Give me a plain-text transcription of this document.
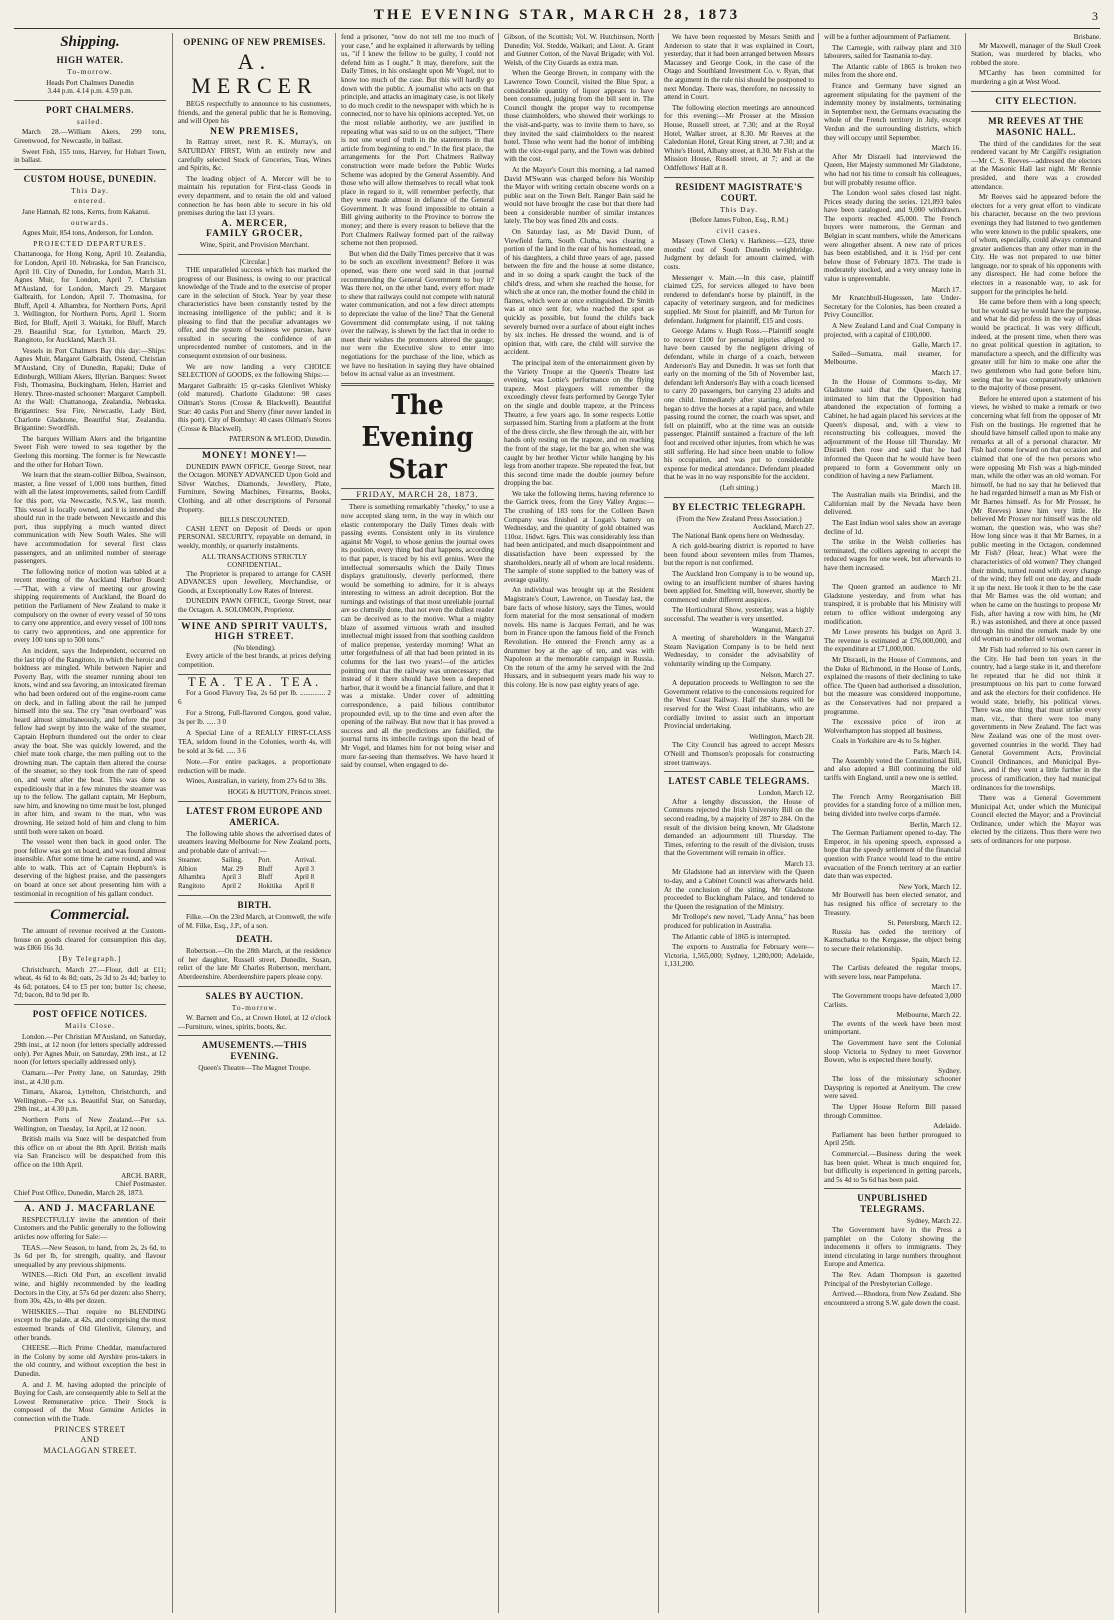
THE EVENING STAR, MARCH 28, 1873	3
Shipping.
HIGH WATER.
To-morrow.
Heads Port Chalmers Dunedin
3.44 p.m. 4.14 p.m. 4.59 p.m.
PORT CHALMERS.
sailed.

March 28.—William Akers, 299 tons, Greenwood, for Newcastle, in ballast.

Sweet Fish, 155 tons, Harvey, for Hobart Town, in ballast.

CUSTOM HOUSE, DUNEDIN.
This Day.
entered.

Jane Hannah, 82 tons, Kerns, from Kakanui.

outwards.

Agnes Muir, 854 tons, Anderson, for London.

PROJECTED DEPARTURES.

Chattanooga, for Hong Kong, April 10. Zealandia, for London, April 10. Nebraska, for San Francisco, April 10. City of Dunedin, for London, March 31. Agnes Muir, for London, April 7. Christian M'Ausland, for London, March 29. Margaret Galbraith, for London, April 7. Thomasina, for Bluff, April 4. Alhambra, for Northern Ports, April 3. Wellington, for Northern Ports, April 1. Storm Bird, for Bluff, April 3. Waitaki, for Bluff, March 29. Beautiful Star, for Lyttelton, March 29. Rangitoto, for Auckland, March 31.

Vessels in Port Chalmers Bay this day:—Ships: Agnes Muir, Margaret Galbraith, Ostend, Christian M'Ausland, City of Dunedin, Rapaki; Duke of Edinburgh, William Akers, Illyrian. Barques: Sweet Fish, Thomasina, Buckingham, Helen, Harriet and Henry. Three-masted schooner: Margaret Campbell. At the Wall: Chattanooga, Zealandia, Nebraska. Brigantines: Sea Fire, Newcastle, Lady Bird, Charlotte Gladstone, Beautiful Star, Zealandia. Brigantine: Swordfish.

The barques William Akers and the brigantine Sweet Fish were towed to sea together by the Geelong this morning. The former is for Newcastle and the other for Hobart Town.

We learn that the steam-collier Bilboa, Swainson, master, a fine vessel of 1,000 tons burthen, fitted with all the latest improvements, sailed from Cardiff for this port, via Newcastle, N.S.W., last month. This vessel is locally owned, and it is intended she should run in the trade between Newcastle and this port, thus supplying a much wanted direct communication with New South Wales. She will have accommodation for several first class passengers, and an unlimited number of steerage passengers.

The following notice of motion was tabled at a recent meeting of the Auckland Harbor Board:—"That, with a view of meeting our growing shipping requirements of Auckland, the Board do petition the Parliament of New Zealand to make it compulsory on the owner of every vessel of 50 tons to carry one apprentice, and every vessel of 100 tons to carry two apprentices, and one apprentice for every 100 tons up to 500 tons."

An incident, says the Independent, occurred on the last trip of the Rangitoto, in which the heroic and boldness are mingled. While between Napier and Poverty Bay, with the steamer running about ten knots, wind and sea favoring, an intoxicated fireman who had been ordered out of the engine-room came on deck, and in falling about the rail he jumped himself into the sea. The cry "man overboard" was heard almost simultaneously, and before the poor fellow had swept by into the wake of the steamer, Captain Hepburn thundered out the order to clear away the boat. She was quickly lowered, and the chief mate took charge, the men pulling out to the drowning man. The captain then altered the course of the steamer, so they took from the rate of speed on, and went after the boat. This was done so expeditiously that in a few minutes the steamer was up to the fellow. The gallant captain, Mr Hepburn, saw him, and knowing no time must be lost, plunged in after him, and swam to the man, who was drowning. He seized hold of him and clung to him until both were taken on board.

The vessel went then back in good order. The poor fellow was got on board, and was found almost insensible. After some time he came round, and was able to walk. This act of Captain Hepburn's is deserving of the highest praise, and the passengers on board at once set about presenting him with a testimonial in recognition of his gallant conduct.

Commercial.

The amount of revenue received at the Custom-house on goods cleared for consumption this day, was £866 16s 3d.

[By Telegraph.]

Christchurch, March 27.—Flour, dull at £11; wheat, 4s 6d to 4s 8d; oats, 2s 3d to 2s 4d; barley to 4s 6d; potatoes, £4 to £5 per ton; butter 1s; cheese, 7d; bacon, 8d to 9d per lb.

POST OFFICE NOTICES.
Mails Close.

London.—Per Christian M'Ausland, on Saturday, 29th inst., at 12 noon (for letters specially addressed only). Per Agnes Muir, on Saturday, 29th inst., at 12 noon (for letters specially addressed only).

Oamaru.—Per Pretty Jane, on Saturday, 29th inst., at 4.30 p.m.

Timaru, Akaroa, Lyttelton, Christchurch, and Wellington.—Per s.s. Beautiful Star, on Saturday, 29th inst., at 4.30 p.m.

Northern Ports of New Zealand.—Per s.s. Wellington, on Tuesday, 1st April, at 12 noon.

British mails via Suez will be despatched from this office on or about the 8th April. British mails via San Francisco will be despatched from this office on the 10th April.

ARCH. BARR,
Chief Postmaster.
Chief Post Office, Dunedin, March 28, 1873.
A. AND J. MACFARLANE

RESPECTFULLY invite the attention of their Customers and the Public generally to the following articles now offering for Sale:—

TEAS.—New Season, to hand, from 2s, 2s 6d, to 3s 6d per lb, for strength, quality, and flavour unequalled by any previous shipments.

WINES.—Rich Old Port, an excellent invalid wine, and highly recommended by the leading Doctors in the City, at 57s 6d per dozen: also Sherry, from 30s, 42s, to 48s per dozen.

WHISKIES.—That require no BLENDING except to the palate, at 42s, and comprising the most esteemed brands of Old Glenlivit, Glenury, and other brands.

CHEESE.—Rich Prime Cheddar, manufactured in the Colony by some old Ayrshire pros-takers in the old country, and without exception the best in Dunedin.

A. and J. M. having adopted the principle of Buying for Cash, are consequently able to Sell at the Lowest Remunerative price. Their Stock is composed of the Most Genuine Articles in connection with the Trade.

PRINCES STREET
AND
MACLAGGAN STREET.
OPENING OF NEW PREMISES.
A. MERCER

BEGS respectfully to announce to his customers, friends, and the general public that he is Removing, and will Open his

NEW PREMISES,

In Rattray street, next R. K. Murray's, on SATURDAY FIRST, With an entirely new and carefully selected Stock of Groceries, Teas, Wines and Spirits, &c.

The leading object of A. Mercer will be to maintain his reputation for First-class Goods in every department, and to retain the old and valued connection he has been able to secure in his old premises during the last 13 years.

A. MERCER,
FAMILY GROCER,
Wine, Spirit, and Provision Merchant.
[Circular.]

THE unparalleled success which has marked the progress of our Business, is owing to our practical knowledge of the Trade and to the exercise of proper care in the selection of Stock. Year by year these characteristics have been constantly tested by the increasing intelligence of the public; and it is pleasing to find that the peculiar advantages we offer, and the system of business we pursue, have resulted in securing the confidence of an unprecedented number of customers, and in the consequent extension of our business.

We are now landing a very CHOICE SELECTION of GOODS, ex the following Ships:—

Margaret Galbraith: 15 qr-casks Glenlivet Whisky (old matured). Charlotte Gladstone: 98 cases Oilman's Stores (Crosse & Blackwell). Beautiful Star: 40 casks Port and Sherry (finer never landed in this port). City of Bombay: 40 cases Oilman's Stores (Crosse & Blackwell).

PATERSON & M'LEOD, Dunedin.
MONEY! MONEY!—

DUNEDIN PAWN OFFICE, George Street, near the Octagon. MONEY ADVANCED Upon Gold and Silver Watches, Diamonds, Jewellery, Plate, Furniture, Sewing Machines, Firearms, Books, Clothing, and all other descriptions of Personal Property.

BILLS DISCOUNTED.

CASH LENT on Deposit of Deeds or upon PERSONAL SECURITY, repayable on demand, in weekly, monthly, or quarterly instalments.

ALL TRANSACTIONS STRICTLY CONFIDENTIAL.

The Proprietor is prepared to arrange for CASH ADVANCES upon Jewellery, Merchandise, or Goods, at Exceptionally Low Rates of Interest.

DUNEDIN PAWN OFFICE, George Street, near the Octagon. A. SOLOMON, Proprietor.

WINE AND SPIRIT VAULTS,
HIGH STREET.
(No blending).

Every article of the best brands, at prices defying competition.

TEA. TEA. TEA.

For a Good Flavory Tea, 2s 6d per lb. .............. 2 6

For a Strong, Full-flavored Congou, good value, 3s per lb. ..... 3 0

A Special Line of a REALLY FIRST-CLASS TEA, seldom found in the Colonies, worth 4s, will be sold at 3s 6d. ..... 3 6

Note.—For entire packages, a proportionate reduction will be made.

Wines, Australian, in variety, from 27s 6d to 38s.

HOGG & HUTTON, Princes street.
LATEST FROM EUROPE AND AMERICA.

The following table shows the advertised dates of steamers leaving Melbourne for New Zealand ports, and probable date of arrival:—

Steamer.	Sailing.	Port.	Arrival.
Albion	Mar. 29	Bluff	April 3
Alhambra	April 3	Bluff	April 8
Rangitoto	April 2	Hokitika	April 8
BIRTH.

Filke.—On the 23rd March, at Cromwell, the wife of M. Filke, Esq., J.P., of a son.

DEATH.

Robertson.—On the 28th March, at the residence of her daughter, Russell street, Dunedin, Susan, relict of the late Mr Charles Robertson, merchant, Aberdeenshire. Aberdeenshire papers please copy.

SALES BY AUCTION.
To-morrow.

W. Barnett and Co., at Crown Hotel, at 12 o'clock—Furniture, wines, spirits, boots, &c.

AMUSEMENTS.—THIS EVENING.
Queen's Theatre—The Magnet Troupe.

fend a prisoner, "now do not tell me too much of your case," and he explained it afterwards by telling us, "if I knew the fellow to be guilty, I could not defend him as I ought." It may, therefore, suit the Daily Times, in his onslaught upon Mr Vogel, not to know too much of the case. But this will hardly go down with the public. A journalist who acts on that principle, and attacks an imaginary case, is not likely to do much credit to the newspaper with which he is connected, nor to have his opinions accepted. Yet, on the most reliable authority, we are justified in repeating what was said to us on the subject, "There is not one word of truth in the statements in that article from beginning to end." In the first place, the arrangements for the Port Chalmers Railway construction were made before the Public Works Scheme was adopted by the General Assembly. And those who will allow themselves to recall what took place in regard to it, will remember perfectly, that they were made almost in defiance of the General Government. It was found impossible to obtain a Bill giving authority to the Province to borrow the money; and there is every reason to believe that the Port Chalmers Railway formed part of the railway scheme not then proposed.

But when did the Daily Times perceive that it was to be such an excellent investment? Before it was opened, was there one word said in that journal recommending the General Government to buy it? Was there not, on the other hand, every effort made to shew that railways could not compete with natural water communication, and not a few direct attempts to depreciate the value of the line? That the General Government did contemplate using, if not taking over the railway, is shewn by the fact that in order to meet their wishes the promoters altered the gauge; nor were the Executive slow to enter into negotiations for the purchase of the line, which as we have no hesitation in saying they have obtained below its actual value as an investment.

The Evening Star
FRIDAY, MARCH 28, 1873.

There is something remarkably "cheeky," to use a now accepted slang term, in the way in which our elastic contemporary the Daily Times deals with passing events. Consistent only in its virulence against Mr Vogel, to whose genius the journal owes its position, every thing bad that happens, according to that paper, is traced by his evil genius. Were the intellectual somersaults which the Daily Times displays gratuitously, cleverly performed, there would be something to admire, for it is always interesting to witness an adroit deception. But the turnings and twistings of that most unreliable journal are so clumsily done, that not even the dullest reader can be deceived as to the motive. What a mighty blaze of assumed virtuous wrath and insulted intellectual might issued from that soothing cauldron of malice prepense, yesterday morning! What an utter forgetfulness of all that had been printed in its columns for the last two years!—of the articles pointing out that the railway was unnecessary; that instead of it there should have been a deepened harbor, that it would be a financial failure, and that it was a mistake. Under cover of admitting correspondence, a paid bilious contributor propounded evil, up to the time and even after the opening of the railway. But now that it has proved a success and all the predictions are falsified, the journal turns its imbecile ravings upon the head of Mr Vogel, and blames him for not being wiser and more far-seeing than themselves. We have heard it said by counsel, when engaged to de-

Gibson, of the Scottish; Vol. W. Hutchinson, North Dunedin; Vol. Stedde, Waikari; and Lieut. A. Grant and Gunner Cotton, of the Naval Brigade; with Vol. Welsh, of the City Guards as extra man.

When the George Brown, in company with the Lawrence Town Council, visited the Blue Spur, a considerable quantity of liquor appears to have been consumed, judging from the bill sent in. The Council thought the proper way to recompense those claimholders, who showed their workings to the visit-and-party, was to invite them to have, so they invited the said claimholders to the nearest hotel. Those who went had the honor of imbibing with the vice-regal party, and the Town was debited with the cost.

At the Mayor's Court this morning, a lad named David M'Swann was charged before his Worship the Mayor with writing certain obscene words on a public seat on the Town Belt. Ranger Bain said he would not have brought the case but that there had been a considerable number of similar instances lately. The boy was fined 20s and costs.

On Saturday last, as Mr David Dunn, of Viewfield farm, South Clutha, was clearing a portion of the land in the rear of his homestead, one of his daughters, a child three years of age, passed between the fire and the house at some distance, and in so doing a spark caught the back of the child's dress, and when she reached the house, for which she at once ran, the mother found the child in flames, which were at once extinguished. Dr Smith was at once sent for, who reached the spot as quickly as possible, but found the child's back severely burned over a surface of about eight inches by six inches. He dressed the wound, and is of opinion that, with care, the child will survive the accident.

The principal item of the entertainment given by the Variety Troupe at the Queen's Theatre last evening, was Lottie's performance on the flying trapeze. Most playgoers will remember the exceedingly clever feats performed by George Tyler on the single and double trapeze, at the Princess Theatre, a few years ago. In some respects Lottie surpassed him. Starting from a platform at the front of the dress circle, she flew through the air, with her hands only resting on the trapeze, and on reaching the front of the stage, let the bar go, when she was caught by her brother Victor while hanging by his legs from another trapeze. She repeated the feat, but this second time made the double journey before dropping the bar.

We take the following items, having reference to the Garrick trees, from the Grey Valley Argus:—The crushing of 183 tons for the Colleen Bawn Company was finished at Logan's battery on Wednesday, and the quantity of gold obtained was 110oz. 16dwt. 6grs. This was considerably less than had been anticipated, and much disappointment and dissatisfaction have been expressed by the shareholders, nearly all of whom are local residents. The sample of stone supplied to the battery was of average quality.

An individual was brought up at the Resident Magistrate's Court, Lawrence, on Tuesday last, the bare facts of whose history, says the Times, would form material for the most sensational of modern novels. His name is Jacques Ferrari, and he was born in France upon the famous field of the French Revolution. He entered the French army as a drummer boy at the age of ten, and was with Napoleon at the memorable campaign in Russia. On the return of the army he served with the 2nd Hussars, and in subsequent years made his way to this colony. He is now past eighty years of age.

We have been requested by Messrs Smith and Anderson to state that it was explained in Court, yesterday, that it had been arranged between Messrs Macassey and George Cook, in the case of the Otago and Southland Investment Co. v. Ryan, that the argument in the rule nisi should be postponed to next Monday. There was, therefore, no necessity to attend in Court.

The following election meetings are announced for this evening:—Mr Prosser at the Mission House, Russell street, at 7.30; and at the Royal Hotel, Walker street, at 8.30. Mr Reeves at the Caledonian Hotel, Great King street, at 7.30; and at White's Hotel, Albany street, at 8.30. Mr Fish at the Mission House, Russell street, at 7; and at the Oddfellows' Hall at 8.

RESIDENT MAGISTRATE'S COURT.
This Day.
(Before James Fulton, Esq., R.M.)
civil cases.

Massey (Town Clerk) v. Harkness.—£23, three months' cost of South Dunedin weighbridge. Judgment by default for amount claimed, with costs.

Messenger v. Main.—In this case, plaintiff claimed £25, for services alleged to have been rendered to defendant's horse by plaintiff, in the capacity of veterinary surgeon, and for medicines supplied. Mr Stout for plaintiff, and Mr Turton for defendant. Judgment for plaintiff, £15 and costs.

George Adams v. Hugh Ross.—Plaintiff sought to recover £100 for personal injuries alleged to have been caused by the negligent driving of defendant, while in charge of a coach, between Anderson's Bay and Dunedin. It was set forth that early on the morning of the 5th of November last, defendant left Anderson's Bay with a coach licensed to carry 20 passengers, but carrying 23 adults and one child. Immediately after starting, defendant began to drive the horses at a rapid pace, and while passing round the corner, the coach was upset, and fell on plaintiff, who at the time was an outside passenger. Plaintiff sustained a fracture of the left foot and received other injuries, from which he was still suffering. He had since been unable to follow his occupation, and was put to considerable expense for medical attendance. Defendant pleaded that he was in no way responsible for the accident.

(Left sitting.)
BY ELECTRIC TELEGRAPH.
(From the New Zealand Press Association.)
Auckland, March 27.

The National Bank opens here on Wednesday.

A rich gold-bearing district is reported to have been found about seventeen miles from Thames, but the report is not confirmed.

The Auckland Iron Company is to be wound up, owing to an insufficient number of shares having been applied for. Smelting will, however, shortly be commenced under different auspices.

The Horticultural Show, yesterday, was a highly successful. The weather is very unsettled.

Wanganui, March 27.

A meeting of shareholders in the Wanganui Steam Navigation Company is to be held next Wednesday, to consider the advisability of voluntarily winding up the Company.

Nelson, March 27.

A deputation proceeds to Wellington to see the Government relative to the concessions required for the West Coast Railway. Half the shares will be reserved for the West Coast inhabitants, who are cordially invited to assist such an important Provincial undertaking.

Wellington, March 28.

The City Council has agreed to accept Messrs O'Neill and Thomson's proposals for constructing street tramways.

LATEST CABLE TELEGRAMS.
London, March 12.

After a lengthy discussion, the House of Commons rejected the Irish University Bill on the second reading, by a majority of 287 to 284. On the result of the division being known, Mr Gladstone demanded an adjournment till Thursday. The Times, referring to the result of the division, trusts that the Government will remain in office.

March 13.

Mr Gladstone had an interview with the Queen to-day, and a Cabinet Council was afterwards held. At the conclusion of the sitting, Mr Gladstone proceeded to Buckingham Palace, and tendered to the Queen the resignation of the Ministry.

Mr Trollope's new novel, "Lady Anna," has been produced for publication in Australia.

The Atlantic cable of 1865 is interrupted.

The exports to Australia for February were—Victoria, 1,565,000; Sydney, 1,280,000; Adelaide, 1,131,200.

will be a further adjournment of Parliament.

The Carnegie, with railway plant and 310 labourers, sailed for Tasmania to-day.

The Atlantic cable of 1865 is broken two miles from the shore end.

France and Germany have signed an agreement stipulating for the payment of the indemnity money by instalments, terminating in September next, the Germans evacuating the whole of the French territory in July, except Verdun and the surrounding districts, which they will occupy until September.

March 16.

After Mr Disraeli had interviewed the Queen, Her Majesty summoned Mr Gladstone, who had not his time to consult his colleagues, but will probably resume office.

The London wool sales closed last night. Prices steady during the series. 121,893 bales have been catalogued, and 9,000 withdrawn. The exports reached 45,000. The French buyers were numerous, the German and Belgian in scant numbers, while the Americans were altogether absent. A new rate of prices has been established, and it is 1½d per cent below those of February 1873. The trade is moderately stocked, and a very uneasy tone in value is unpreventable.

March 17.

Mr Knatchbull-Hugessen, late Under-Secretary for the Colonies, has been created a Privy Councillor.

A New Zealand Land and Coal Company is projected, with a capital of £100,000.

Galle, March 17.

Sailed—Sumatra, mail steamer, for Melbourne.

March 17.

In the House of Commons to-day, Mr Gladstone said that the Queen, having intimated to him that the Opposition had abandoned the expectation of forming a Cabinet, he had again placed his services at the Queen's disposal, and, with a view to reconstructing his colleagues, moved the adjournment of the House till Thursday. Mr Disraeli then rose and said that he had informed the Queen that he would have been prepared to form a Government only on condition of having a new Parliament.

March 18.

The Australian mails via Brindisi, and the Californian mail by the Nevada have been delivered.

The East Indian wool sales show an average decline of 1d.

The strike in the Welsh collieries has terminated, the colliers agreeing to accept the reduced wages for one week, but afterwards to have them increased.

March 21.

The Queen granted an audience to Mr Gladstone yesterday, and from what has transpired, it is probable that his Ministry will return to office without undergoing any modification.

Mr Lowe presents his budget on April 3. The revenue is estimated at £76,000,000, and the expenditure at £71,000,000.

Mr Disraeli, in the House of Commons, and the Duke of Richmond, in the House of Lords, explained the reasons of their declining to take office. The Queen had authorised a dissolution, but the measure was considered inopportune, as the Conservatives had not prepared a programme.

The excessive price of iron at Wolverhampton has stopped all business.

Coals in Yorkshire are 4s to 5s higher.

Paris, March 14.

The Assembly voted the Constitutional Bill, and also adopted a Bill continuing the old tariffs with England, until a new one is settled.

March 18.

The French Army Reorganisation Bill provides for a standing force of a million men, being divided into twelve corps d'armée.

Berlin, March 12.

The German Parliament opened to-day. The Emperor, in his opening speech, expressed a hope that the speedy settlement of the financial question with France would lead to the entire evacuation of the French territory at an earlier date than was expected.

New York, March 12.

Mr Boutwell has been elected senator, and has resigned his office of secretary to the Treasury.

St. Petersburg, March 12.

Russia has ceded the territory of Kamschatka to the Kergasse, the object being to secure their relationship.

Spain, March 12.

The Carlists defeated the regular troops, with severe loss, near Pampeluna.

March 17.

The Government troops have defeated 3,000 Carlists.

Melbourne, March 22.

The events of the week have been most unimportant.

The Government have sent the Colonial sloop Victoria to Sydney to meet Governor Bowen, who is expected there hourly.

Sydney.

The loss of the missionary schooner Dayspring is reported at Aneityum. The crew were saved.

The Upper House Reform Bill passed through Committee.

Adelaide.

Parliament has been further prorogued to April 25th.

Commercial.—Business during the week has been quiet. Wheat is much enquired for, but difficulty is experienced in getting parcels, and 5s 4d to 5s 6d has been paid.

UNPUBLISHED TELEGRAMS.
Sydney, March 22.

The Government have in the Press a pamphlet on the Colony showing the inducements it offers to immigrants. They intend circulating in large numbers throughout Europe and America.

The Rev. Adam Thompson is gazetted Principal of the Presbyterian College.

Arrived.—Rhodora, from New Zealand. She encountered a strong S.W. gale down the coast.

Brisbane.

Mr Maxwell, manager of the Skull Creek Station, was murdered by blacks, who robbed the store.

M'Carthy has been committed for murdering a gin at West Wood.

CITY ELECTION.
MR REEVES AT THE MASONIC HALL.

The third of the candidates for the seat rendered vacant by Mr Cargill's resignation —Mr C. S. Reeves—addressed the electors at the Masonic Hall last night. Mr Rennie presided, and there was a crowded attendance.

Mr Reeves said he appeared before the electors for a very great effort to vindicate his character, because on the two previous evenings they had listened to two gentlemen who were known to the public speakers, one of whom, especially, could always command greater audiences than any other man in the City. He was not prepared to use bitter language, nor to speak of his opponents with any disrespect. He had come before the electors in a reasonable way, to ask for support for the principles he held.

He came before them with a long speech; but he would say he would have the purpose, and what he did profess in the way of ideas would be practical. It was very difficult, indeed, at the present time, when there was no great political question in agitation, to manufacture a speech, and the difficulty was greater still for him to make one after the two gentlemen who had gone before him, seeing that he was comparatively unknown to the majority of those present.

Before he entered upon a statement of his views, he wished to make a remark or two concerning what fell from the opposer of Mr Fish on the hustings. He regretted that he should have himself called upon to make any remarks at all of a personal character. Mr Fish had come forward on that occasion and claimed that one of the two persons who were opposing Mr Fish was a high-minded man, while the other was an old woman. For himself, he had no say that he believed that he had regarded himself a man as Mr Fish or Mr Barnes himself. As for Mr Prosser, he (Mr Reeves) knew him very little. He believed Mr Prosser nor himself was the old woman, the question was, who was she? How long since was it that Mr Barnes, in a public meeting in the Octagon, condemned Mr Fish? (Hear, hear.) What were the characteristics of old women? They changed their minds, turned round with every change of the wind; they fell out one day, and made it up the next. He took it then to be the case that Mr Barnes was the old woman; and when he came on the hustings to propose Mr Fish, after having a row with him, he (Mr R.) was astonished, and there at once passed through his mind the remark made by one old woman to another old woman.

Mr Fish had referred to his own career in the City. He had been ten years in the country, had a large stake in it, and therefore he repeated that he did not think it presumptuous on his part to come forward and ask the electors for their confidence. He would state, briefly, his political views. There was one thing that must strike every man, viz., that there were too many governments in New Zealand. The fact was New Zealand was one of the most over-governed countries in the world. They had General Government Acts, Provincial Council Ordinances, and Municipal Bye-laws, and if they went a little further in the process of ramification, they had municipal ordinances for the townships.

There was a General Government Municipal Act, under which the Municipal Council elected the Mayor; and a Provincial Ordinance, under which the Mayor was elected by the citizens. Thus there were two sets of ordinances for one purpose.
